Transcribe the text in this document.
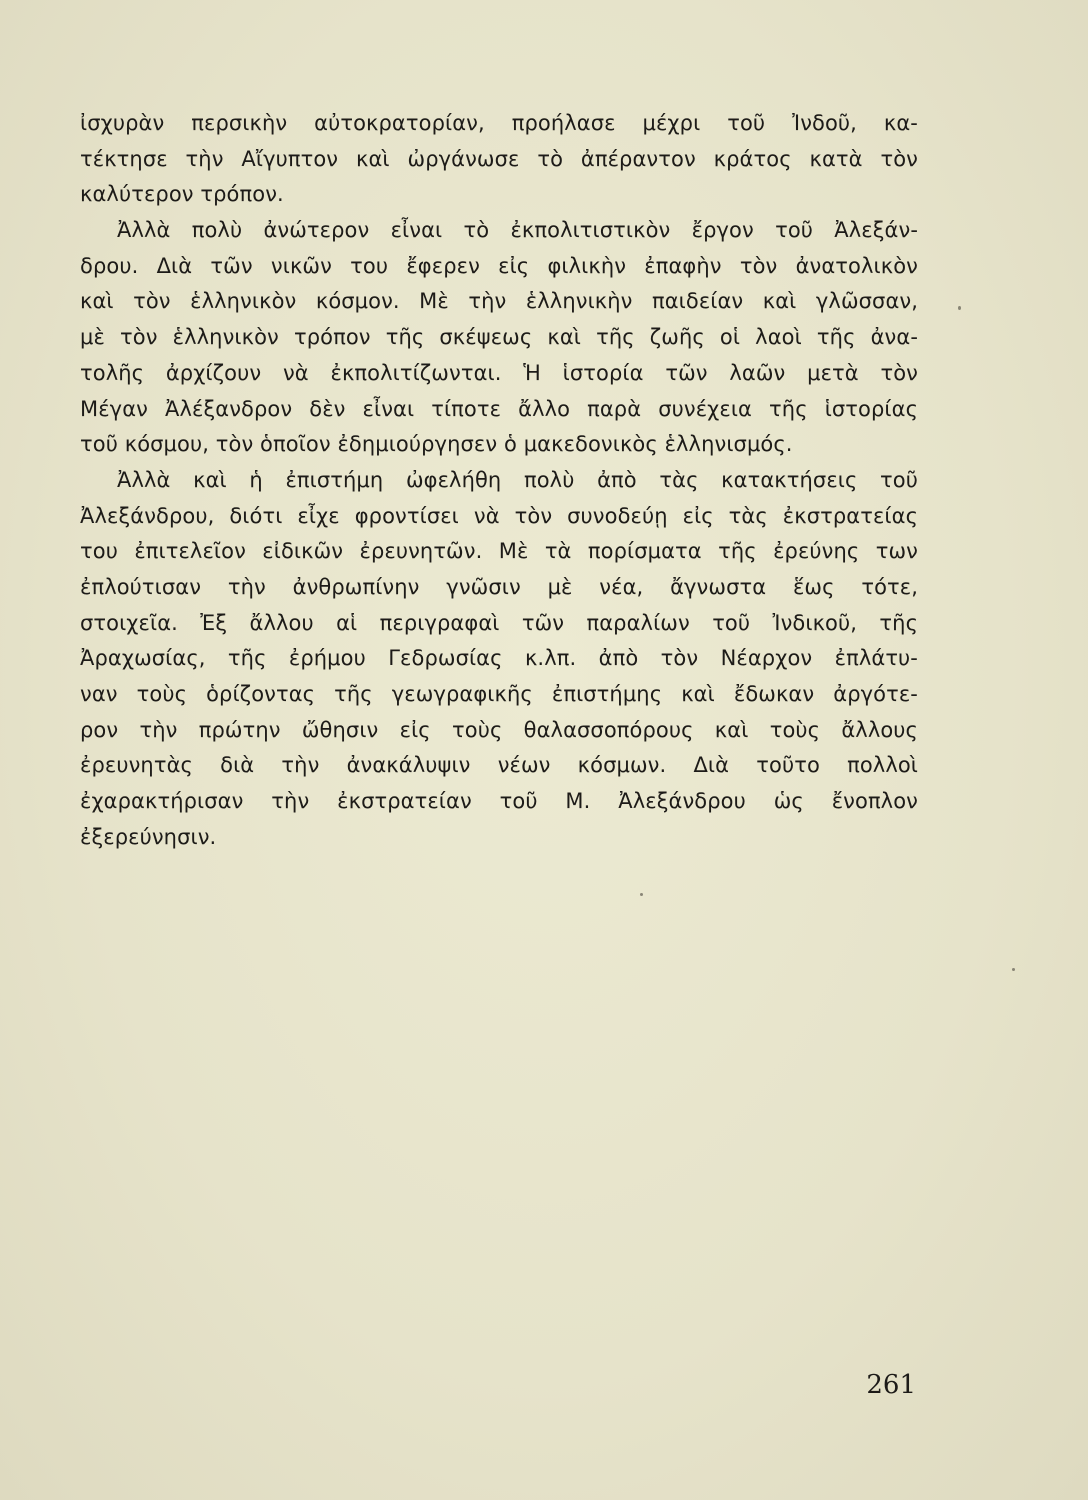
ἰσχυρὰν περσικὴν αὐτοκρατορίαν, προήλασε μέχρι τοῦ Ἰνδοῦ, κα-
τέκτησε τὴν Αἴγυπτον καὶ ὠργάνωσε τὸ ἀπέραντον κράτος κατὰ τὸν
καλύτερον τρόπον.
Ἀλλὰ πολὺ ἀνώτερον εἶναι τὸ ἐκπολιτιστικὸν ἔργον τοῦ Ἀλεξάν-
δρου. Διὰ τῶν νικῶν του ἔφερεν εἰς φιλικὴν ἐπαφὴν τὸν ἀνατολικὸν
καὶ τὸν ἑλληνικὸν κόσμον. Μὲ τὴν ἑλληνικὴν παιδείαν καὶ γλῶσσαν,
μὲ τὸν ἑλληνικὸν τρόπον τῆς σκέψεως καὶ τῆς ζωῆς οἱ λαοὶ τῆς ἀνα-
τολῆς ἀρχίζουν νὰ ἐκπολιτίζωνται. Ἡ ἱστορία τῶν λαῶν μετὰ τὸν
Μέγαν Ἀλέξανδρον δὲν εἶναι τίποτε ἄλλο παρὰ συνέχεια τῆς ἱστορίας
τοῦ κόσμου, τὸν ὁποῖον ἐδημιούργησεν ὁ μακεδονικὸς ἑλληνισμός.
Ἀλλὰ καὶ ἡ ἐπιστήμη ὠφελήθη πολὺ ἀπὸ τὰς κατακτήσεις τοῦ
Ἀλεξάνδρου, διότι εἶχε φροντίσει νὰ τὸν συνοδεύῃ εἰς τὰς ἐκστρατείας
του ἐπιτελεῖον εἰδικῶν ἐρευνητῶν. Μὲ τὰ πορίσματα τῆς ἐρεύνης των
ἐπλούτισαν τὴν ἀνθρωπίνην γνῶσιν μὲ νέα, ἄγνωστα ἕως τότε,
στοιχεῖα. Ἐξ ἄλλου αἱ περιγραφαὶ τῶν παραλίων τοῦ Ἰνδικοῦ, τῆς
Ἀραχωσίας, τῆς ἐρήμου Γεδρωσίας κ.λπ. ἀπὸ τὸν Νέαρχον ἐπλάτυ-
ναν τοὺς ὁρίζοντας τῆς γεωγραφικῆς ἐπιστήμης καὶ ἔδωκαν ἀργότε-
ρον τὴν πρώτην ὤθησιν εἰς τοὺς θαλασσοπόρους καὶ τοὺς ἄλλους
ἐρευνητὰς διὰ τὴν ἀνακάλυψιν νέων κόσμων. Διὰ τοῦτο πολλοὶ
ἐχαρακτήρισαν τὴν ἐκστρατείαν τοῦ Μ. Ἀλεξάνδρου ὡς ἔνοπλον
ἐξερεύνησιν.
261
